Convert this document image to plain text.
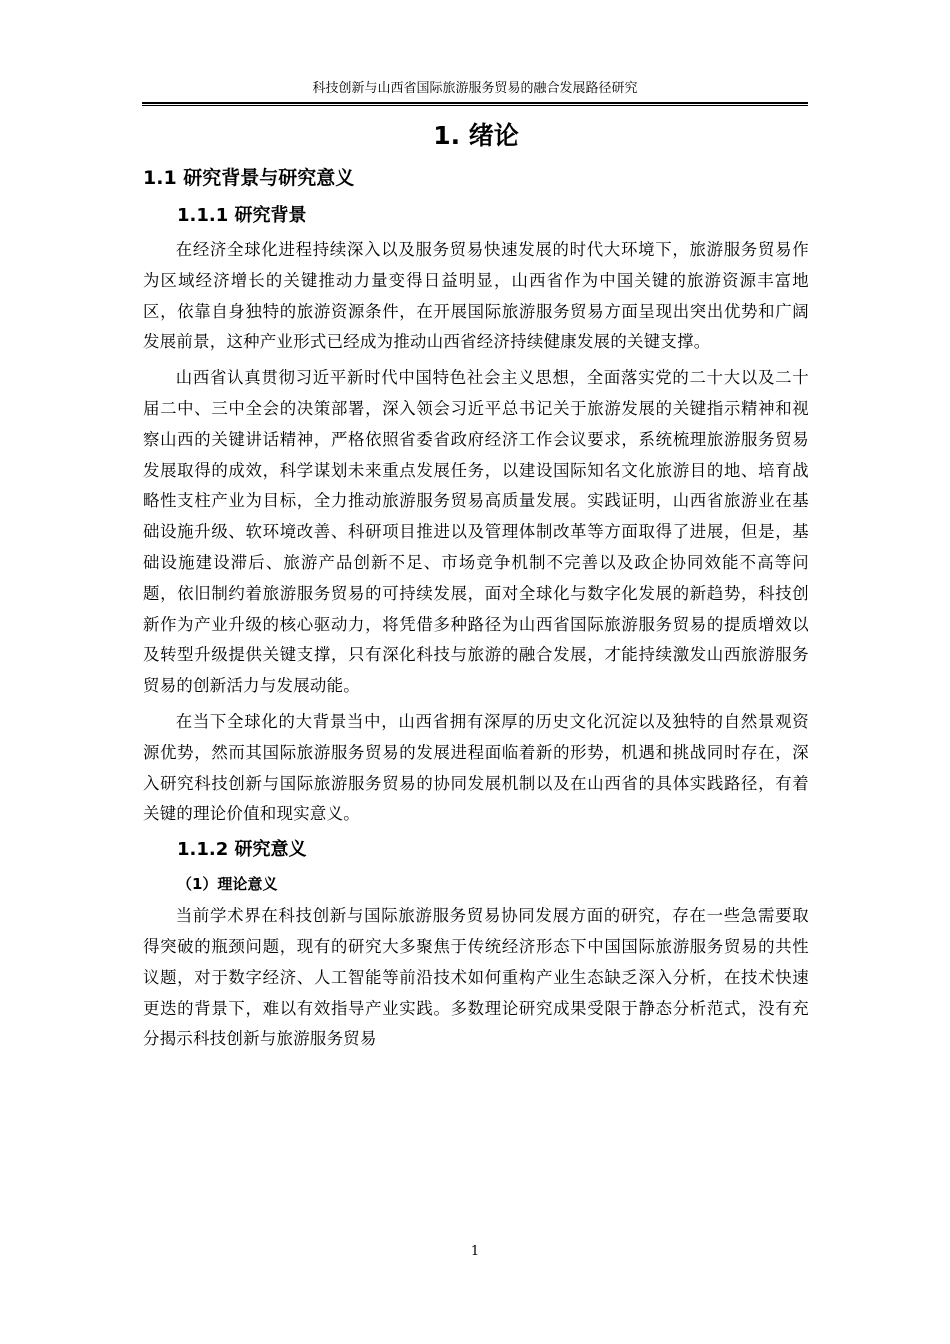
科技创新与山西省国际旅游服务贸易的融合发展路径研究
1. 绪论
1.1 研究背景与研究意义
1.1.1 研究背景

在经济全球化进程持续深入以及服务贸易快速发展的时代大环境下，旅游服务贸易作为区域经济增长的关键推动力量变得日益明显，山西省作为中国关键的旅游资源丰富地区，依靠自身独特的旅游资源条件，在开展国际旅游服务贸易方面呈现出突出优势和广阔发展前景，这种产业形式已经成为推动山西省经济持续健康发展的关键支撑。

山西省认真贯彻习近平新时代中国特色社会主义思想，全面落实党的二十大以及二十届二中、三中全会的决策部署，深入领会习近平总书记关于旅游发展的关键指示精神和视察山西的关键讲话精神，严格依照省委省政府经济工作会议要求，系统梳理旅游服务贸易发展取得的成效，科学谋划未来重点发展任务，以建设国际知名文化旅游目的地、培育战略性支柱产业为目标，全力推动旅游服务贸易高质量发展。实践证明，山西省旅游业在基础设施升级、软环境改善、科研项目推进以及管理体制改革等方面取得了进展，但是，基础设施建设滞后、旅游产品创新不足、市场竞争机制不完善以及政企协同效能不高等问题，依旧制约着旅游服务贸易的可持续发展，面对全球化与数字化发展的新趋势，科技创新作为产业升级的核心驱动力，将凭借多种路径为山西省国际旅游服务贸易的提质增效以及转型升级提供关键支撑，只有深化科技与旅游的融合发展，才能持续激发山西旅游服务贸易的创新活力与发展动能。

在当下全球化的大背景当中，山西省拥有深厚的历史文化沉淀以及独特的自然景观资源优势，然而其国际旅游服务贸易的发展进程面临着新的形势，机遇和挑战同时存在，深入研究科技创新与国际旅游服务贸易的协同发展机制以及在山西省的具体实践路径，有着关键的理论价值和现实意义。

1.1.2 研究意义
（1）理论意义

当前学术界在科技创新与国际旅游服务贸易协同发展方面的研究，存在一些急需要取得突破的瓶颈问题，现有的研究大多聚焦于传统经济形态下中国国际旅游服务贸易的共性议题，对于数字经济、人工智能等前沿技术如何重构产业生态缺乏深入分析，在技术快速更迭的背景下，难以有效指导产业实践。多数理论研究成果受限于静态分析范式，没有充分揭示科技创新与旅游服务贸易

1
